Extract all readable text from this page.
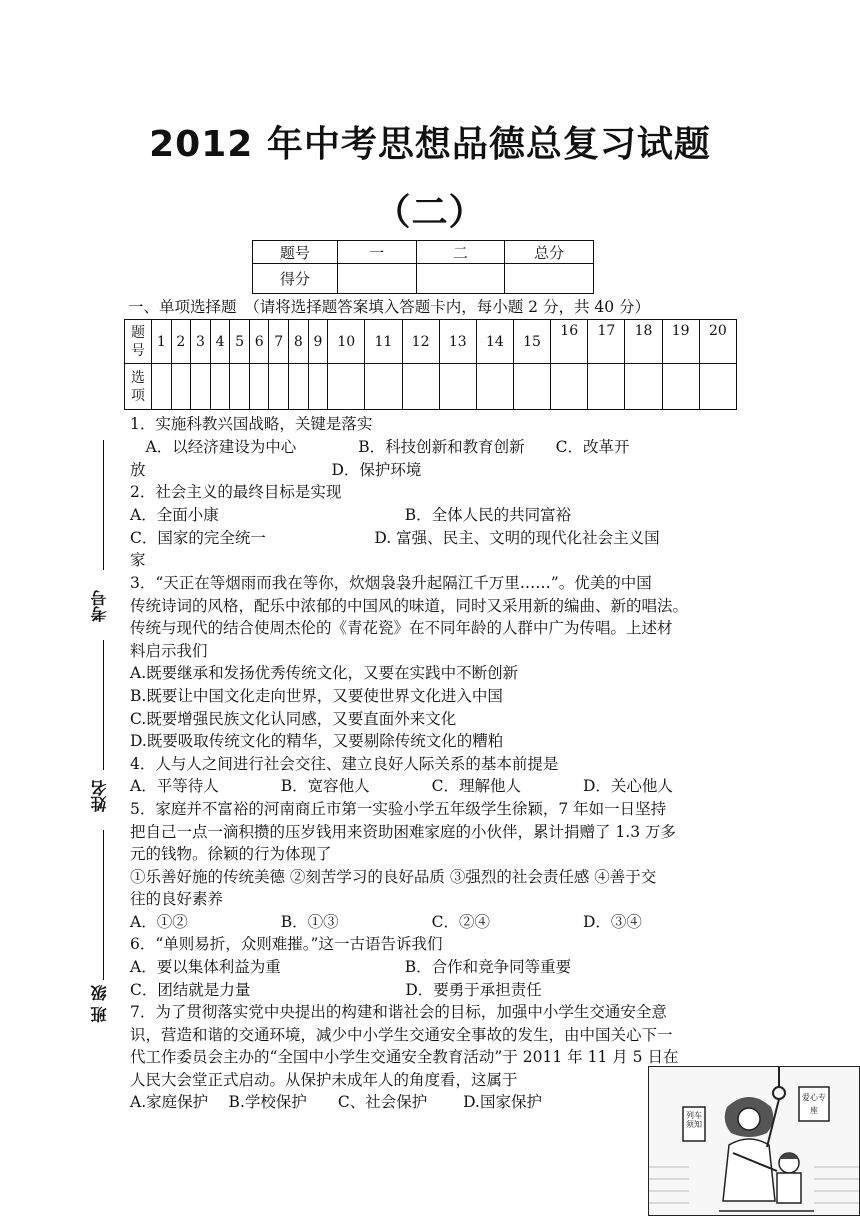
2012 年中考思想品德总复习试题
（二）
题号	一	二	总分
得分			
一、单项选择题　（请将选择题答案填入答题卡内，每小题 2 分，共 40 分）
题号	1	2	3	4	5	6	7	8	9	10	11	12	13	14	15	16	17	18	19	20
选项																				
考号
姓名
班 级
1．实施科教兴国战略，关键是落实
　A．以经济建设为中心　　　　B．科技创新和教育创新　　C．改革开
放　　　　　　　　　　　　D．保护环境
2．社会主义的最终目标是实现
A．全面小康　　　　　　　　　　　　B．全体人民的共同富裕
C．国家的完全统一　　　　　　　D. 富强、民主、文明的现代化社会主义国
家
3．“天正在等烟雨而我在等你，炊烟袅袅升起隔江千万里……”。优美的中国
传统诗词的风格，配乐中浓郁的中国风的味道，同时又采用新的编曲、新的唱法。
传统与现代的结合使周杰伦的《青花瓷》在不同年龄的人群中广为传唱。上述材
料启示我们
A.既要继承和发扬优秀传统文化，又要在实践中不断创新
B.既要让中国文化走向世界，又要使世界文化进入中国
C.既要增强民族文化认同感，又要直面外来文化
D.既要吸取传统文化的精华，又要剔除传统文化的糟粕
4．人与人之间进行社会交往、建立良好人际关系的基本前提是
A．平等待人　　　　B．宽容他人　　　　C．理解他人　　　　D．关心他人
5．家庭并不富裕的河南商丘市第一实验小学五年级学生徐颖，7 年如一日坚持
把自己一点一滴积攒的压岁钱用来资助困难家庭的小伙伴，累计捐赠了 1.3 万多
元的钱物。徐颖的行为体现了
①乐善好施的传统美德 ②刻苦学习的良好品质 ③强烈的社会责任感 ④善于交
往的良好素养
A．①②　　　　　　B．①③　　　　　　C．②④　　　　　　D．③④
6．“单则易折，众则难摧。”这一古语告诉我们
A．要以集体利益为重　　　　　　　　B．合作和竞争同等重要
C．团结就是力量　　　　　　　　　　D．要勇于承担责任
7．为了贯彻落实党中央提出的构建和谐社会的目标，加强中小学生交通安全意
识，营造和谐的交通环境，减少中小学生交通安全事故的发生，由中国关心下一
代工作委员会主办的“全国中小学生交通安全教育活动”于 2011 年 11 月 5 日在
人民大会堂正式启动。从保护未成年人的角度看，这属于
A.家庭保护　 B.学校保护　　C、社会保护　　 D.国家保护
列车须知
爱心专座
